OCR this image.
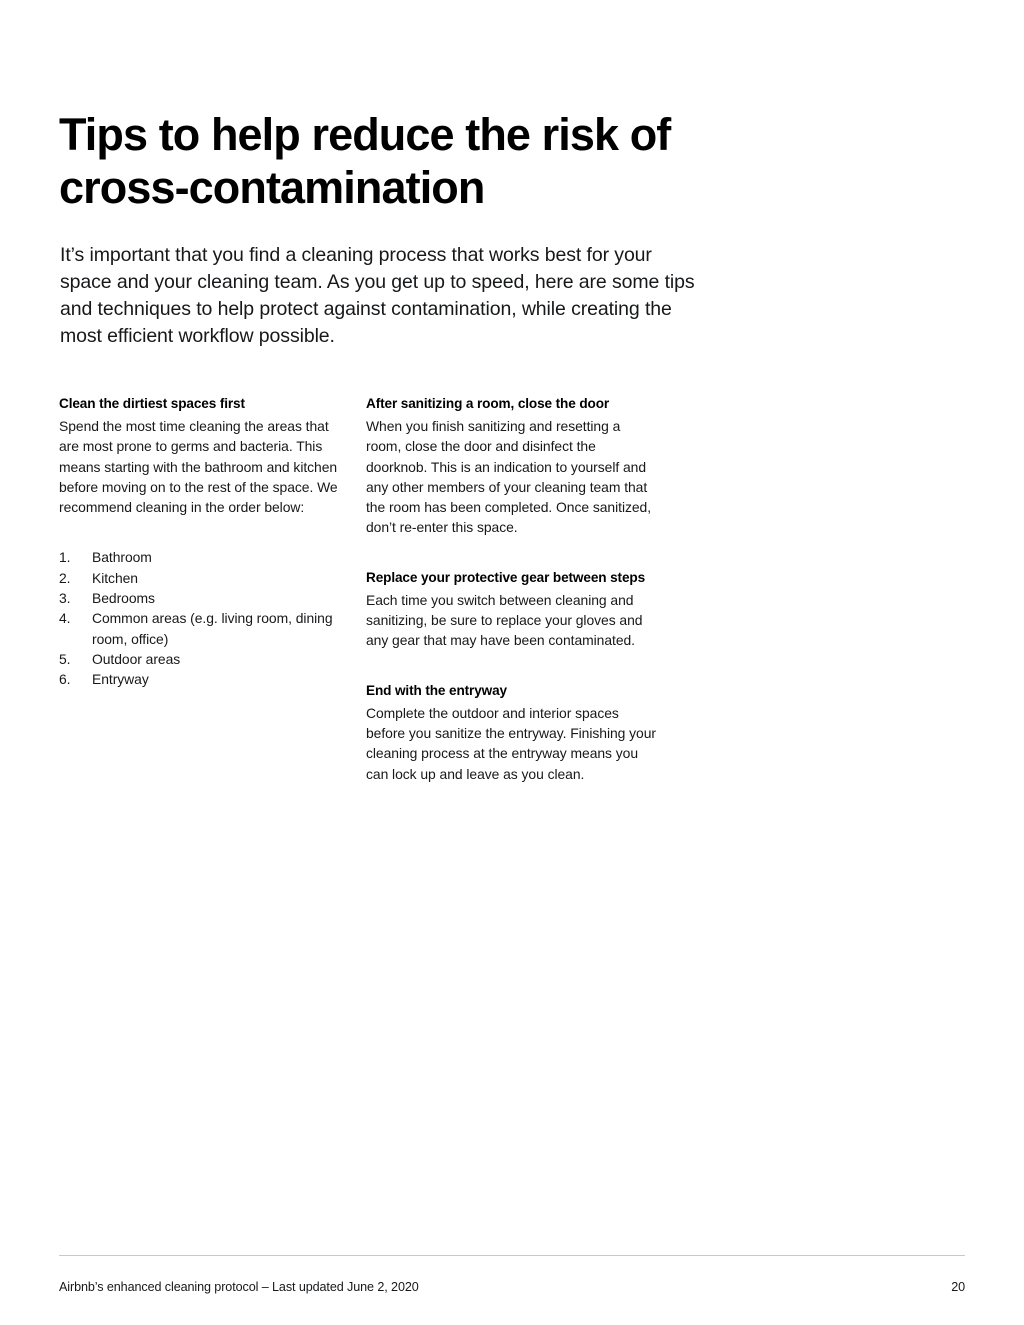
Tips to help reduce the risk of cross-contamination

It’s important that you find a cleaning process that works best for your space and your cleaning team. As you get up to speed, here are some tips and techniques to help protect against contamination, while creating the most efficient workflow possible.

Clean the dirtiest spaces first

Spend the most time cleaning the areas that are most prone to germs and bacteria. This means starting with the bathroom and kitchen before moving on to the rest of the space. We recommend cleaning in the order below:

1.	Bathroom
2.	Kitchen
3.	Bedrooms
4.	Common areas (e.g. living room, dining room, office)
5.	Outdoor areas
6.	Entryway
After sanitizing a room, close the door

When you finish sanitizing and resetting a room, close the door and disinfect the doorknob. This is an indication to yourself and any other members of your cleaning team that the room has been completed. Once sanitized, don’t re-enter this space.

Replace your protective gear between steps

Each time you switch between cleaning and sanitizing, be sure to replace your gloves and any gear that may have been contaminated.

End with the entryway

Complete the outdoor and interior spaces before you sanitize the entryway. Finishing your cleaning process at the entryway means you can lock up and leave as you clean.

Airbnb’s enhanced cleaning protocol – Last updated June 2, 2020	20
